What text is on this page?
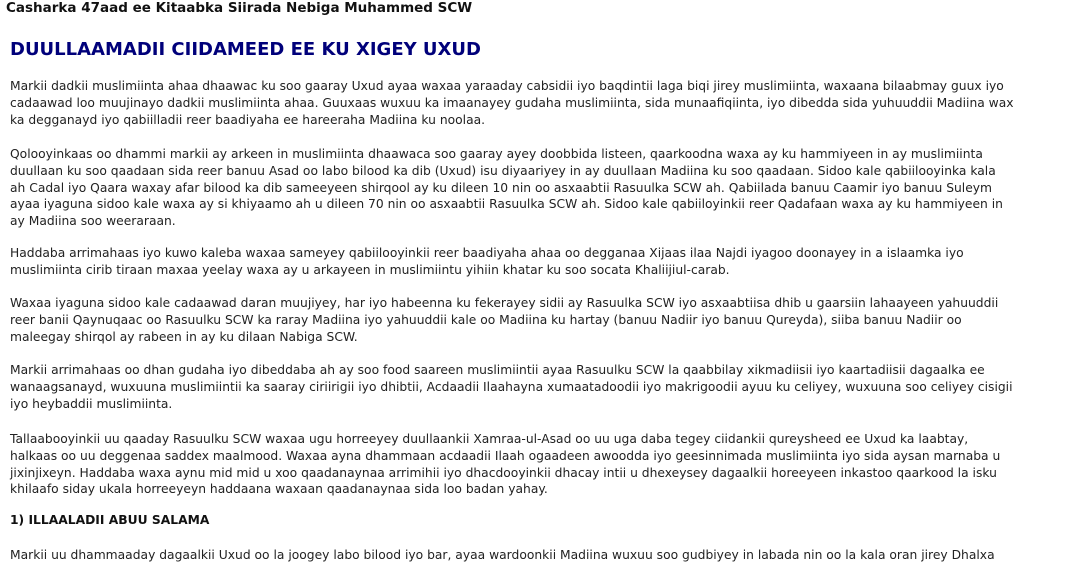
Casharka 47aad ee Kitaabka Siirada Nebiga Muhammed SCW
DUULLAAMADII CIIDAMEED EE KU XIGEY UXUD
Markii dadkii muslimiinta ahaa dhaawac ku soo gaaray Uxud ayaa waxaa yaraaday cabsidii iyo baqdintii laga biqi jirey muslimiinta, waxaana bilaabmay guux iyo
cadaawad loo muujinayo dadkii muslimiinta ahaa. Guuxaas wuxuu ka imaanayey gudaha muslimiinta, sida munaafiqiinta, iyo dibedda sida yuhuuddii Madiina wax
ka degganayd iyo qabiilladii reer baadiyaha ee hareeraha Madiina ku noolaa.
Qolooyinkaas oo dhammi markii ay arkeen in muslimiinta dhaawaca soo gaaray ayey doobbida listeen, qaarkoodna waxa ay ku hammiyeen in ay muslimiinta
duullaan ku soo qaadaan sida reer banuu Asad oo labo bilood ka dib (Uxud) isu diyaariyey in ay duullaan Madiina ku soo qaadaan. Sidoo kale qabiilooyinka kala
ah Cadal iyo Qaara waxay afar bilood ka dib sameeyeen shirqool ay ku dileen 10 nin oo asxaabtii Rasuulka SCW ah. Qabiilada banuu Caamir iyo banuu Suleym
ayaa iyaguna sidoo kale waxa ay si khiyaamo ah u dileen 70 nin oo asxaabtii Rasuulka SCW ah. Sidoo kale qabiiloyinkii reer Qadafaan waxa ay ku hammiyeen in
ay Madiina soo weeraraan.
Haddaba arrimahaas iyo kuwo kaleba waxaa sameyey qabiilooyinkii reer baadiyaha ahaa oo degganaa Xijaas ilaa Najdi iyagoo doonayey in a islaamka iyo
muslimiinta cirib tiraan maxaa yeelay waxa ay u arkayeen in muslimiintu yihiin khatar ku soo socata Khaliijiul-carab.
Waxaa iyaguna sidoo kale cadaawad daran muujiyey, har iyo habeenna ku fekerayey sidii ay Rasuulka SCW iyo asxaabtiisa dhib u gaarsiin lahaayeen yahuuddii
reer banii Qaynuqaac oo Rasuulku SCW ka raray Madiina iyo yahuuddii kale oo Madiina ku hartay (banuu Nadiir iyo banuu Qureyda), siiba banuu Nadiir oo
maleegay shirqol ay rabeen in ay ku dilaan Nabiga SCW.
Markii arrimahaas oo dhan gudaha iyo dibeddaba ah ay soo food saareen muslimiintii ayaa Rasuulku SCW la qaabbilay xikmadiisii iyo kaartadiisii dagaalka ee
wanaagsanayd, wuxuuna muslimiintii ka saaray ciriirigii iyo dhibtii, Acdaadii Ilaahayna xumaatadoodii iyo makrigoodii ayuu ku celiyey, wuxuuna soo celiyey cisigii
iyo heybaddii muslimiinta.
Tallaabooyinkii uu qaaday Rasuulku SCW waxaa ugu horreeyey duullaankii Xamraa-ul-Asad oo uu uga daba tegey ciidankii qureysheed ee Uxud ka laabtay,
halkaas oo uu deggenaa saddex maalmood. Waxaa ayna dhammaan acdaadii Ilaah ogaadeen awoodda iyo geesinnimada muslimiinta iyo sida aysan marnaba u
jixinjixeyn. Haddaba waxa aynu mid mid u xoo qaadanaynaa arrimihii iyo dhacdooyinkii dhacay intii u dhexeysey dagaalkii horeeyeen inkastoo qaarkood la isku
khilaafo siday ukala horreeyeyn haddaana waxaan qaadanaynaa sida loo badan yahay.
1) ILLAALADII ABUU SALAMA
Markii uu dhammaaday dagaalkii Uxud oo la joogey labo bilood iyo bar, ayaa wardoonkii Madiina wuxuu soo gudbiyey in labada nin oo la kala oran jirey Dhalxa
